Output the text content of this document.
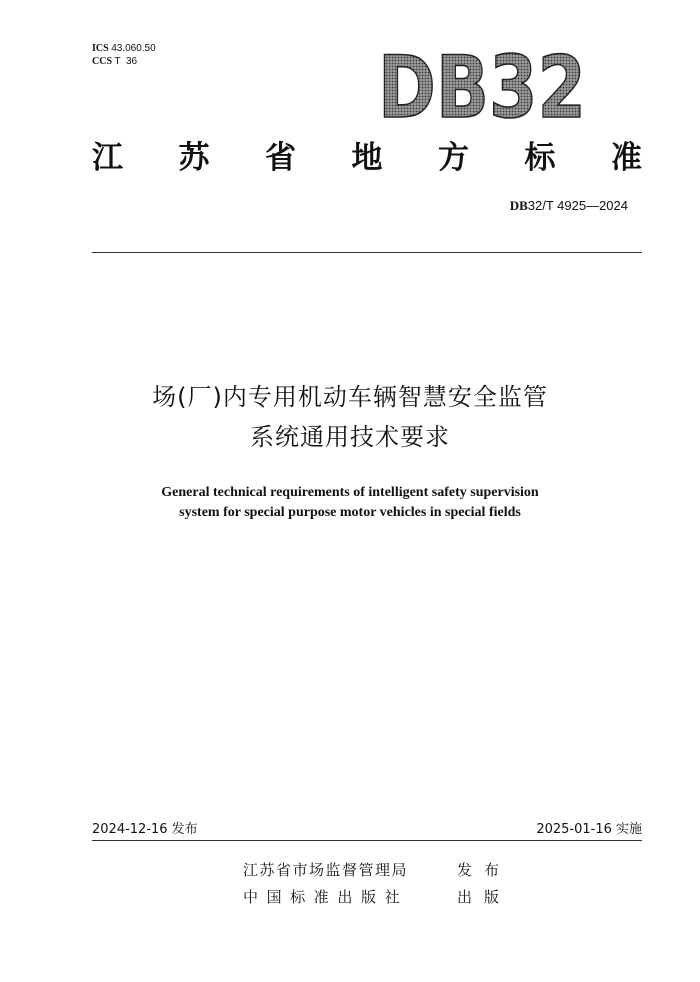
ICS 43.060.50
CCS T  36	DB32
江 苏 省 地 方 标 准
DB32/T 4925—2024
场(厂)内专用机动车辆智慧安全监管
系统通用技术要求
General technical requirements of intelligent safety supervision
system for special purpose motor vehicles in special fields
2024-12-16 发布	2025-01-16 实施
江苏省市场监督管理局	发布
中国标准出版社	出版
